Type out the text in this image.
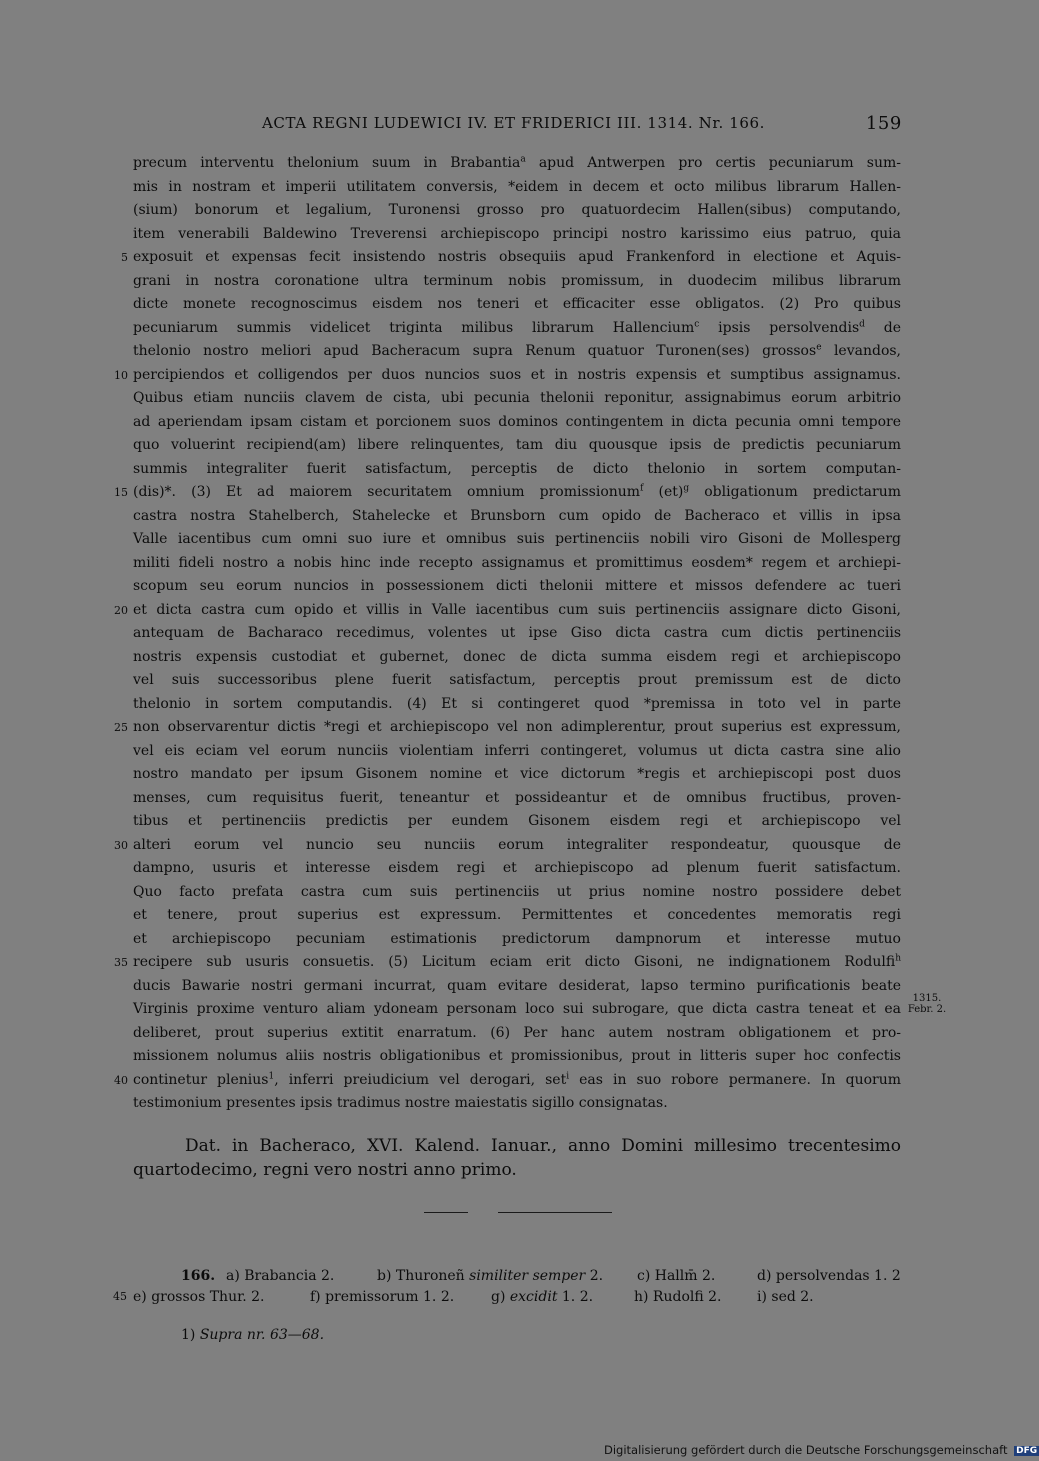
ACTA REGNI LUDEWICI IV. ET FRIDERICI III. 1314. Nr. 166.	159
5
10
15
20
25
30
35
40
precum interventu thelonium suum in Brabantia$^a$ apud Antwerpen pro certis pecuniarum sum-
mis in nostram et imperii utilitatem conversis, *eidem in decem et octo milibus librarum Hallen-
(sium) bonorum et legalium, Turonensi grosso pro quatuordecim Hallen(sibus) computando,
item venerabili Baldewino Treverensi archiepiscopo principi nostro karissimo eius patruo, quia
exposuit et expensas fecit insistendo nostris obsequiis apud Frankenford in electione et Aquis-
grani in nostra coronatione ultra terminum nobis promissum, in duodecim milibus librarum
dicte monete recognoscimus eisdem nos teneri et efficaciter esse obligatos. (2) Pro quibus
pecuniarum summis videlicet triginta milibus librarum Hallencium$^c$ ipsis persolvendis$^d$ de
thelonio nostro meliori apud Bacheracum supra Renum quatuor Turonen(ses) grossos$^e$ levandos,
percipiendos et colligendos per duos nuncios suos et in nostris expensis et sumptibus assignamus.
Quibus etiam nunciis clavem de cista, ubi pecunia thelonii reponitur, assignabimus eorum arbitrio
ad aperiendam ipsam cistam et porcionem suos dominos contingentem in dicta pecunia omni tempore
quo voluerint recipiend(am) libere relinquentes, tam diu quousque ipsis de predictis pecuniarum
summis integraliter fuerit satisfactum, perceptis de dicto thelonio in sortem computan-
(dis)*. (3) Et ad maiorem securitatem omnium promissionum$^f$ (et)$^g$ obligationum predictarum
castra nostra Stahelberch, Stahelecke et Brunsborn cum opido de Bacheraco et villis in ipsa
Valle iacentibus cum omni suo iure et omnibus suis pertinenciis nobili viro Gisoni de Mollesperg
militi fideli nostro a nobis hinc inde recepto assignamus et promittimus eosdem* regem et archiepi-
scopum seu eorum nuncios in possessionem dicti thelonii mittere et missos defendere ac tueri
et dicta castra cum opido et villis in Valle iacentibus cum suis pertinenciis assignare dicto Gisoni,
antequam de Bacharaco recedimus, volentes ut ipse Giso dicta castra cum dictis pertinenciis
nostris expensis custodiat et gubernet, donec de dicta summa eisdem regi et archiepiscopo
vel suis successoribus plene fuerit satisfactum, perceptis prout premissum est de dicto
thelonio in sortem computandis. (4) Et si contingeret quod *premissa in toto vel in parte
non observarentur dictis *regi et archiepiscopo vel non adimplerentur, prout superius est expressum,
vel eis eciam vel eorum nunciis violentiam inferri contingeret, volumus ut dicta castra sine alio
nostro mandato per ipsum Gisonem nomine et vice dictorum *regis et archiepiscopi post duos
menses, cum requisitus fuerit, teneantur et possideantur et de omnibus fructibus, proven-
tibus et pertinenciis predictis per eundem Gisonem eisdem regi et archiepiscopo vel
alteri eorum vel nuncio seu nunciis eorum integraliter respondeatur, quousque de
dampno, usuris et interesse eisdem regi et archiepiscopo ad plenum fuerit satisfactum.
Quo facto prefata castra cum suis pertinenciis ut prius nomine nostro possidere debet
et tenere, prout superius est expressum. Permittentes et concedentes memoratis regi
et archiepiscopo pecuniam estimationis predictorum dampnorum et interesse mutuo
recipere sub usuris consuetis. (5) Licitum eciam erit dicto Gisoni, ne indignationem Rodulfi$^h$
ducis Bawarie nostri germani incurrat, quam evitare desiderat, lapso termino purificationis beate
Virginis proxime venturo aliam ydoneam personam loco sui subrogare, que dicta castra teneat et ea
deliberet, prout superius extitit enarratum. (6) Per hanc autem nostram obligationem et pro-
missionem nolumus aliis nostris obligationibus et promissionibus, prout in litteris super hoc confectis
continetur plenius$^1$, inferri preiudicium vel derogari, set$^i$ eas in suo robore permanere. In quorum
testimonium presentes ipsis tradimus nostre maiestatis sigillo consignatas.
1315.
Febr. 2.
Dat. in Bacheraco, XVI. Kalend. Ianuar., anno Domini millesimo trecentesimo
quartodecimo, regni vero nostri anno primo.
166. a) Brabancia 2.	b) Thuroneñ similiter semper 2. c) Hallm̄ 2.	d) persolvendas 1. 2
45 e) grossos Thur. 2.	f) premissorum 1. 2.	g) excidit 1. 2.	h) Rudolfi 2.	i) sed 2.
1) Supra nr. 63—68.
Digitalisierung gefördert durch die Deutsche Forschungsgemeinschaft DFG
